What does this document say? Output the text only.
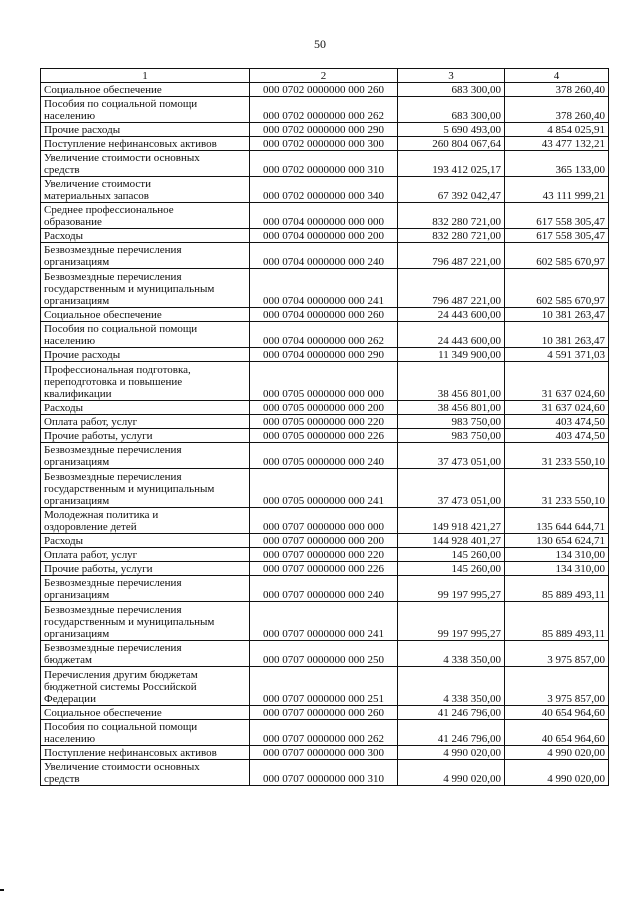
50
1	2	3	4

Социальное обеспечение	000 0702 0000000 000 260	683 300,00	378 260,40

Пособия по социальной помощи
населению	000 0702 0000000 000 262	683 300,00	378 260,40

Прочие расходы	000 0702 0000000 000 290	5 690 493,00	4 854 025,91

Поступление нефинансовых активов	000 0702 0000000 000 300	260 804 067,64	43 477 132,21

Увеличение стоимости основных
средств	000 0702 0000000 000 310	193 412 025,17	365 133,00

Увеличение стоимости
материальных запасов	000 0702 0000000 000 340	67 392 042,47	43 111 999,21

Среднее профессиональное
образование	000 0704 0000000 000 000	832 280 721,00	617 558 305,47

Расходы	000 0704 0000000 000 200	832 280 721,00	617 558 305,47

Безвозмездные перечисления
организациям	000 0704 0000000 000 240	796 487 221,00	602 585 670,97

Безвозмездные перечисления
государственным и муниципальным
организациям	000 0704 0000000 000 241	796 487 221,00	602 585 670,97

Социальное обеспечение	000 0704 0000000 000 260	24 443 600,00	10 381 263,47

Пособия по социальной помощи
населению	000 0704 0000000 000 262	24 443 600,00	10 381 263,47

Прочие расходы	000 0704 0000000 000 290	11 349 900,00	4 591 371,03

Профессиональная подготовка,
переподготовка и повышение
квалификации	000 0705 0000000 000 000	38 456 801,00	31 637 024,60

Расходы	000 0705 0000000 000 200	38 456 801,00	31 637 024,60

Оплата работ, услуг	000 0705 0000000 000 220	983 750,00	403 474,50

Прочие работы, услуги	000 0705 0000000 000 226	983 750,00	403 474,50

Безвозмездные перечисления
организациям	000 0705 0000000 000 240	37 473 051,00	31 233 550,10

Безвозмездные перечисления
государственным и муниципальным
организациям	000 0705 0000000 000 241	37 473 051,00	31 233 550,10

Молодежная политика и
оздоровление детей	000 0707 0000000 000 000	149 918 421,27	135 644 644,71

Расходы	000 0707 0000000 000 200	144 928 401,27	130 654 624,71

Оплата работ, услуг	000 0707 0000000 000 220	145 260,00	134 310,00

Прочие работы, услуги	000 0707 0000000 000 226	145 260,00	134 310,00

Безвозмездные перечисления
организациям	000 0707 0000000 000 240	99 197 995,27	85 889 493,11

Безвозмездные перечисления
государственным и муниципальным
организациям	000 0707 0000000 000 241	99 197 995,27	85 889 493,11

Безвозмездные перечисления
бюджетам	000 0707 0000000 000 250	4 338 350,00	3 975 857,00

Перечисления другим бюджетам
бюджетной системы Российской
Федерации	000 0707 0000000 000 251	4 338 350,00	3 975 857,00

Социальное обеспечение	000 0707 0000000 000 260	41 246 796,00	40 654 964,60

Пособия по социальной помощи
населению	000 0707 0000000 000 262	41 246 796,00	40 654 964,60

Поступление нефинансовых активов	000 0707 0000000 000 300	4 990 020,00	4 990 020,00

Увеличение стоимости основных
средств	000 0707 0000000 000 310	4 990 020,00	4 990 020,00
